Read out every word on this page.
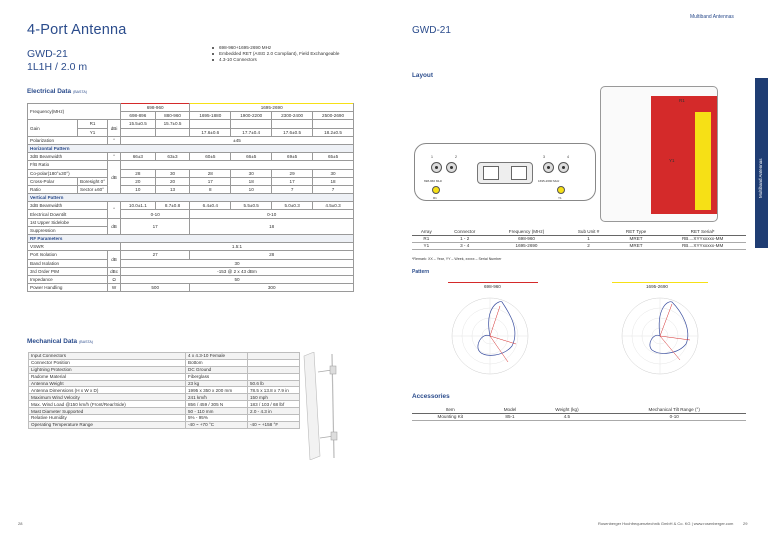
4-Port Antenna
GWD-21
1L1H / 2.0 m
698-960+1695-2690 MHz
Embedded RET (AISG 2.0 Compliant), Field Exchangeable
4.3-10 Connectors
Electrical Data (BASTA)
Frequency(MHz)			698-960		1695-2690			
			698-896	880-960	1695-1880	1900-2200	2300-2400	2500-2690
Gain	R1	dBi	15.5±0.5	15.7±0.5				
	Y1				17.6±0.6	17.7±0.4	17.6±0.5	18.2±0.5
Polarization		°	±45					
Horizontal Pattern								
3dB Beamwidth		°	66±3	63±3	60±5	66±5	69±5	65±5
F/B Ratio		dB						
Co-polar(180°±30°)			28	30	28	30	29	30
Cross-Polar	Boresight 0°		20	20	17	18	17	18
Ratio	Sector ±60°		10	13	8	10	7	7
Vertical Pattern								
3dB Beamwidth		°	10.0±1.1	8.7±0.8	6.4±0.4	5.5±0.5	5.0±0.3	4.5±0.3
Electrical Downtilt			0-10		0-10			
1st Upper Sidelobe		dB	17		18			
Suppression								
RF Parameters								
VSWR			1.5:1					
Port Isolation		dB	27		28			
Band Isolation			30					
3rd Order PIM		dBc	-153 @ 2 x 43 dBm					
Impedance		Ω	50					
Power Handling		W	500		300			
Mechanical Data (BASTA)
Input Connectors	4 x 4.3-10 Female	
Connector Position	Bottom	
Lightning Protection	DC Ground	
Radome Material	Fiberglass	
Antenna Weight	23 kg	50.6 lb
Antenna Dimensions (H x W x D)	1995 x 350 x 200 mm	78.5 x 13.8 x 7.9 in
Maximum Wind Velocity	241 km/h	150 mph
Max. Wind Load @150 km/h (Front/Rear/Side)	856 / 459 / 305 N	183 / 103 / 68 lbf
Mast Diameter Supported	50 - 110 mm	2.0 - 4.3 in
Relative Humidity	5% - 95%	
Operating Temperature Range	-40 ~ +70 °C	-40 ~ +158 °F
28
Multiband Antennas
GWD-21
Layout
R1
Y1
1	2	3	4
698-960 MHz	1695-2690 MHz
R1	Y1
Array	Connector	Frequency (MHz)	Sub Unit #	RET Type	RET Serial*
R1	1 - 2	698-960	1	MRET	RB....XYYxxxxx-MM
Y1	3 - 4	1695-2690	2	MRET	RB....XYYxxxxx-MM
*Remark: XX – Year, YY – Week, xxxxx – Serial Number
Pattern
698-960	1695-2690
Accessories
Item	Model	Weight (kg)	Mechanical Tilt Range (°)
Mounting Kit	85-1	4.5	0-10
Multiband Antennas
Rosenberger Hochfrequenztechnik GmbH & Co. KG | www.rosenberger.com 29
